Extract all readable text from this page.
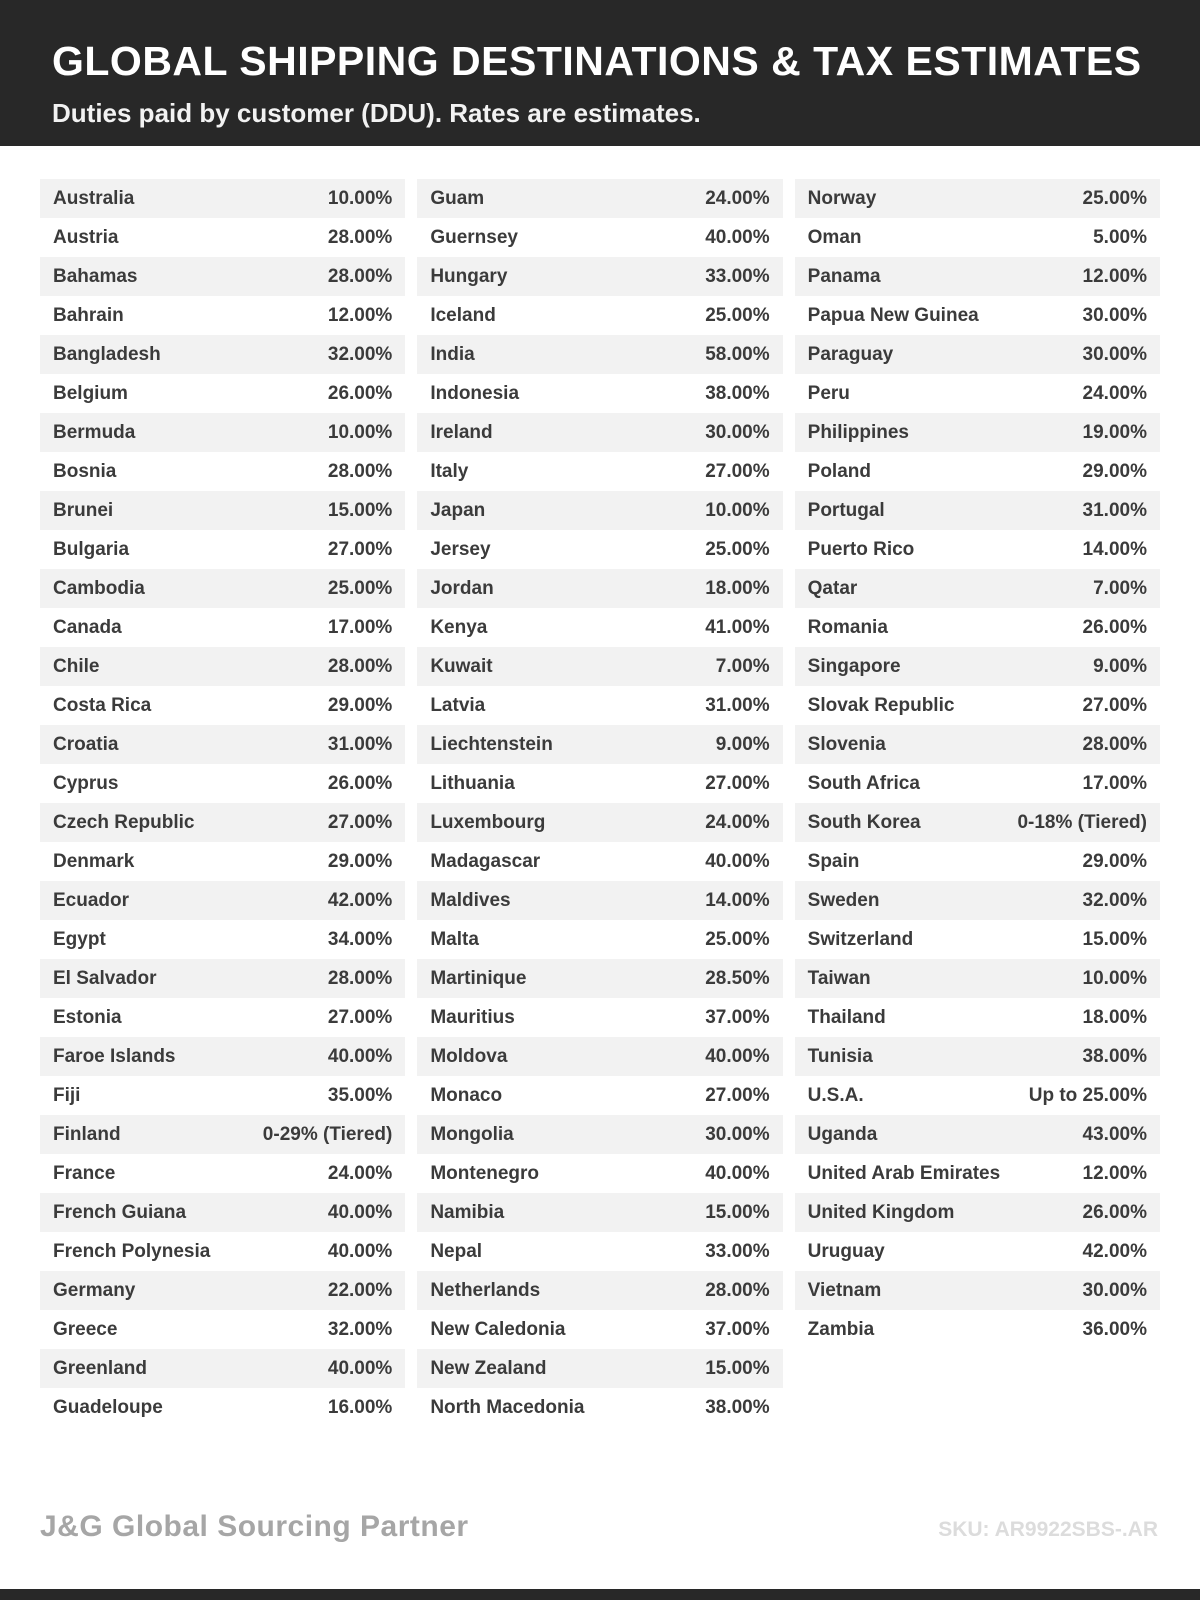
GLOBAL SHIPPING DESTINATIONS & TAX ESTIMATES
Duties paid by customer (DDU). Rates are estimates.
Australia	10.00%
Austria	28.00%
Bahamas	28.00%
Bahrain	12.00%
Bangladesh	32.00%
Belgium	26.00%
Bermuda	10.00%
Bosnia	28.00%
Brunei	15.00%
Bulgaria	27.00%
Cambodia	25.00%
Canada	17.00%
Chile	28.00%
Costa Rica	29.00%
Croatia	31.00%
Cyprus	26.00%
Czech Republic	27.00%
Denmark	29.00%
Ecuador	42.00%
Egypt	34.00%
El Salvador	28.00%
Estonia	27.00%
Faroe Islands	40.00%
Fiji	35.00%
Finland	0-29% (Tiered)
France	24.00%
French Guiana	40.00%
French Polynesia	40.00%
Germany	22.00%
Greece	32.00%
Greenland	40.00%
Guadeloupe	16.00%
Guam	24.00%
Guernsey	40.00%
Hungary	33.00%
Iceland	25.00%
India	58.00%
Indonesia	38.00%
Ireland	30.00%
Italy	27.00%
Japan	10.00%
Jersey	25.00%
Jordan	18.00%
Kenya	41.00%
Kuwait	7.00%
Latvia	31.00%
Liechtenstein	9.00%
Lithuania	27.00%
Luxembourg	24.00%
Madagascar	40.00%
Maldives	14.00%
Malta	25.00%
Martinique	28.50%
Mauritius	37.00%
Moldova	40.00%
Monaco	27.00%
Mongolia	30.00%
Montenegro	40.00%
Namibia	15.00%
Nepal	33.00%
Netherlands	28.00%
New Caledonia	37.00%
New Zealand	15.00%
North Macedonia	38.00%
Norway	25.00%
Oman	5.00%
Panama	12.00%
Papua New Guinea	30.00%
Paraguay	30.00%
Peru	24.00%
Philippines	19.00%
Poland	29.00%
Portugal	31.00%
Puerto Rico	14.00%
Qatar	7.00%
Romania	26.00%
Singapore	9.00%
Slovak Republic	27.00%
Slovenia	28.00%
South Africa	17.00%
South Korea	0-18% (Tiered)
Spain	29.00%
Sweden	32.00%
Switzerland	15.00%
Taiwan	10.00%
Thailand	18.00%
Tunisia	38.00%
U.S.A.	Up to 25.00%
Uganda	43.00%
United Arab Emirates	12.00%
United Kingdom	26.00%
Uruguay	42.00%
Vietnam	30.00%
Zambia	36.00%
J&G Global Sourcing Partner	SKU: AR9922SBS-.AR
